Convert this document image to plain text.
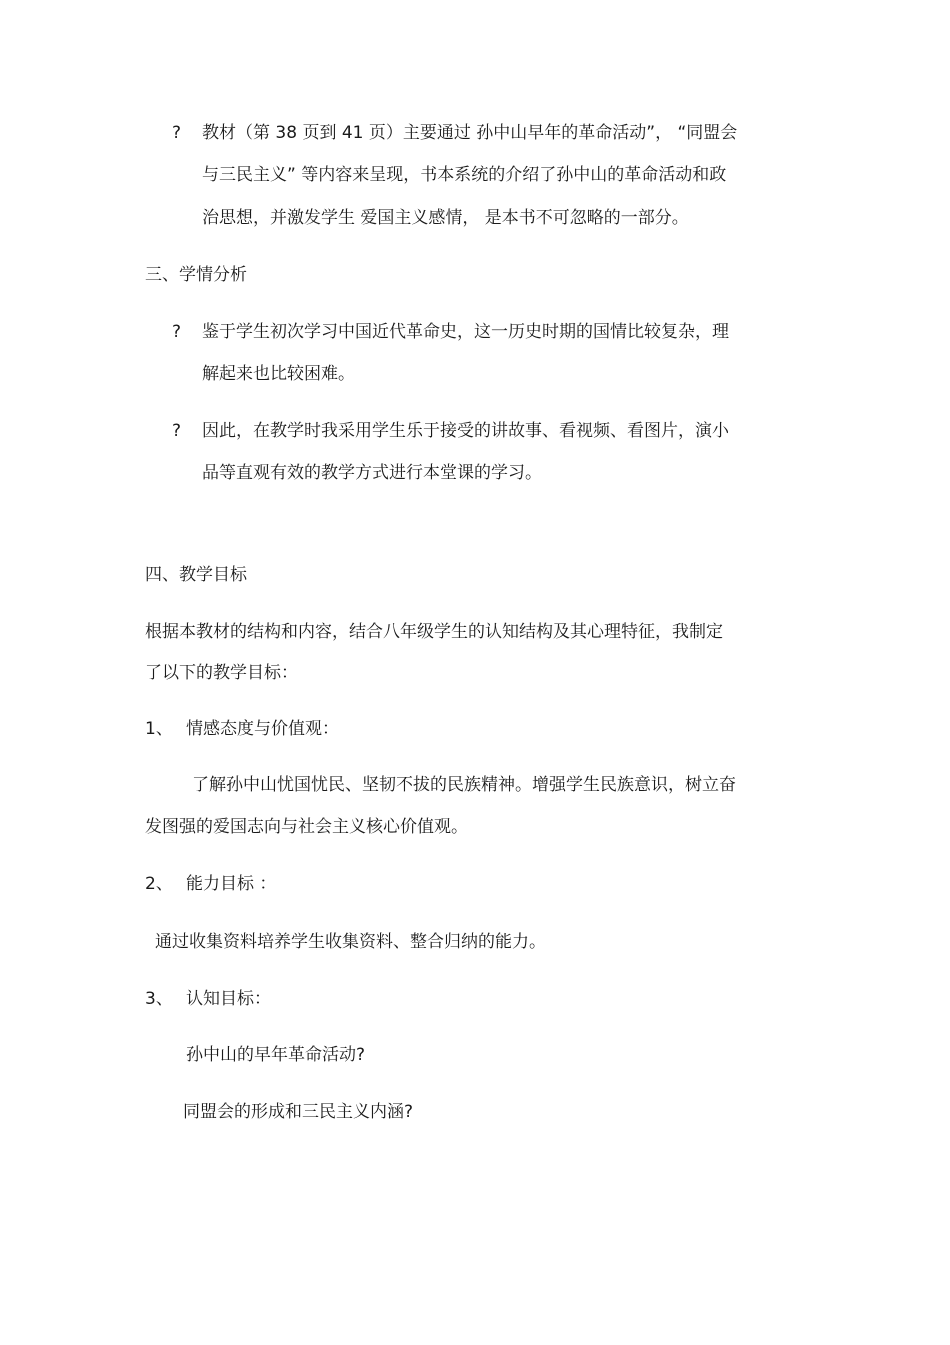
? 教材（第 38 页到 41 页）主要通过 孙中山早年的革命活动”， “同盟会
与三民主义” 等内容来呈现，书本系统的介绍了孙中山的革命活动和政
治思想，并激发学生 爱国主义感情， 是本书不可忽略的一部分。
三、学情分析
? 鉴于学生初次学习中国近代革命史，这一历史时期的国情比较复杂，理
解起来也比较困难。
? 因此，在教学时我采用学生乐于接受的讲故事、看视频、看图片，演小
品等直观有效的教学方式进行本堂课的学习。
四、教学目标
根据本教材的结构和内容，结合八年级学生的认知结构及其心理特征，我制定
了以下的教学目标：
1、 情感态度与价值观：
了解孙中山忧国忧民、坚韧不拔的民族精神。增强学生民族意识，树立奋
发图强的爱国志向与社会主义核心价值观。
2、 能力目标 ：
通过收集资料培养学生收集资料、整合归纳的能力。
3、 认知目标：
孙中山的早年革命活动?
同盟会的形成和三民主义内涵?
